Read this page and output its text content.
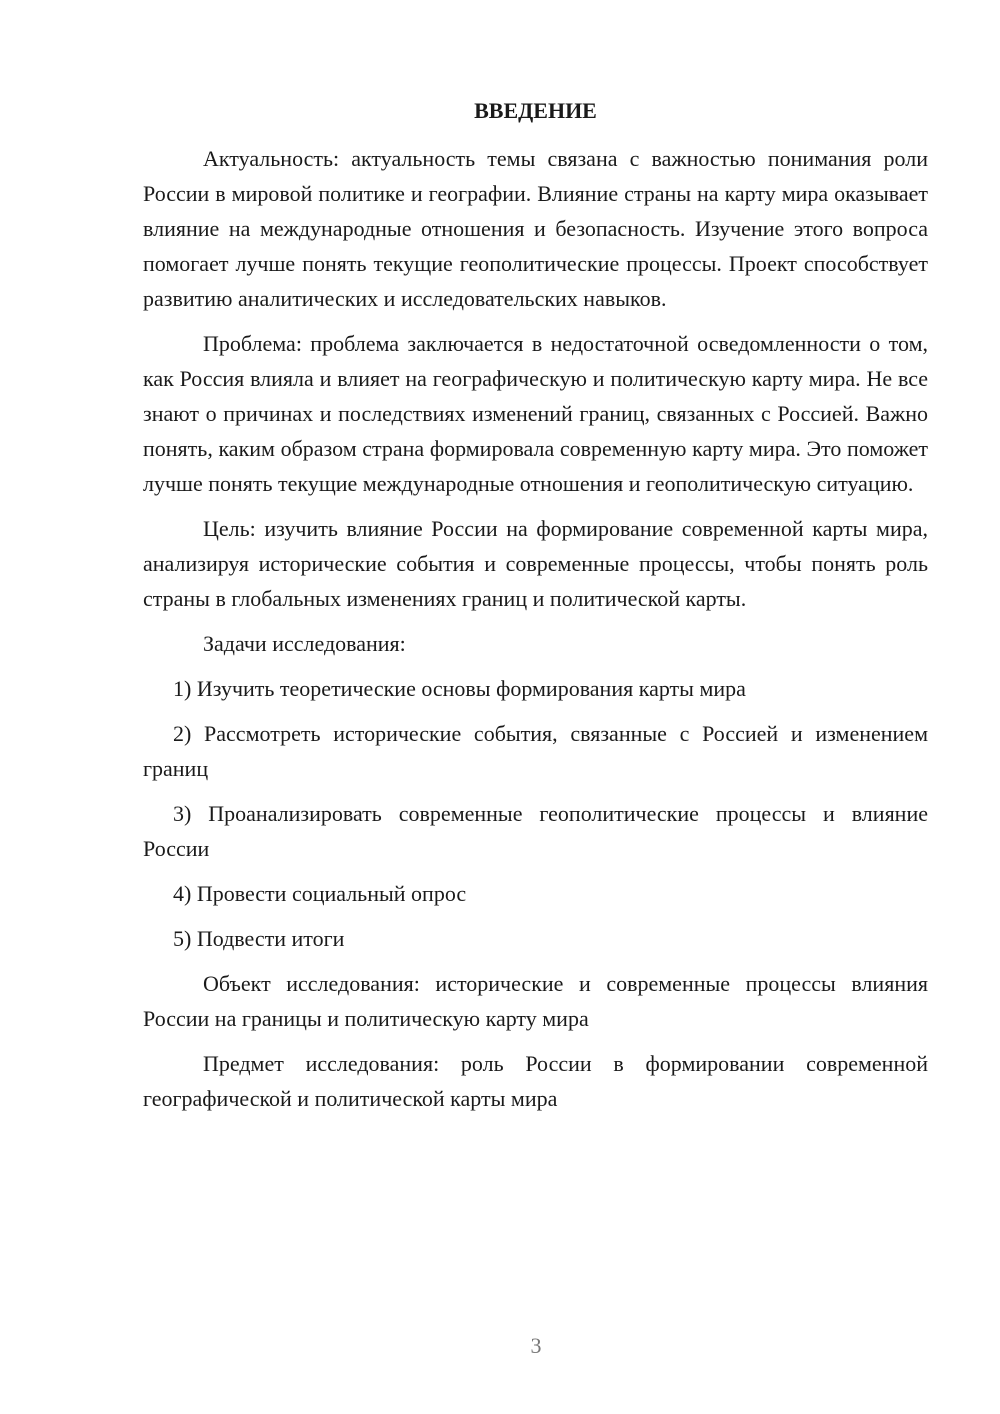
ВВЕДЕНИЕ

Актуальность: актуальность темы связана с важностью понимания роли России в мировой политике и географии. Влияние страны на карту мира оказывает влияние на международные отношения и безопасность. Изучение этого вопроса помогает лучше понять текущие геополитические процессы. Проект способствует развитию аналитических и исследовательских навыков.

Проблема: проблема заключается в недостаточной осведомленности о том, как Россия влияла и влияет на географическую и политическую карту мира. Не все знают о причинах и последствиях изменений границ, связанных с Россией. Важно понять, каким образом страна формировала современную карту мира. Это поможет лучше понять текущие международные отношения и геополитическую ситуацию.

Цель: изучить влияние России на формирование современной карты мира, анализируя исторические события и современные процессы, чтобы понять роль страны в глобальных изменениях границ и политической карты.

Задачи исследования:

1) Изучить теоретические основы формирования карты мира

2) Рассмотреть исторические события, связанные с Россией и изменением границ

3) Проанализировать современные геополитические процессы и влияние России

4) Провести социальный опрос

5) Подвести итоги

Объект исследования: исторические и современные процессы влияния России на границы и политическую карту мира

Предмет исследования: роль России в формировании современной географической и политической карты мира

3
